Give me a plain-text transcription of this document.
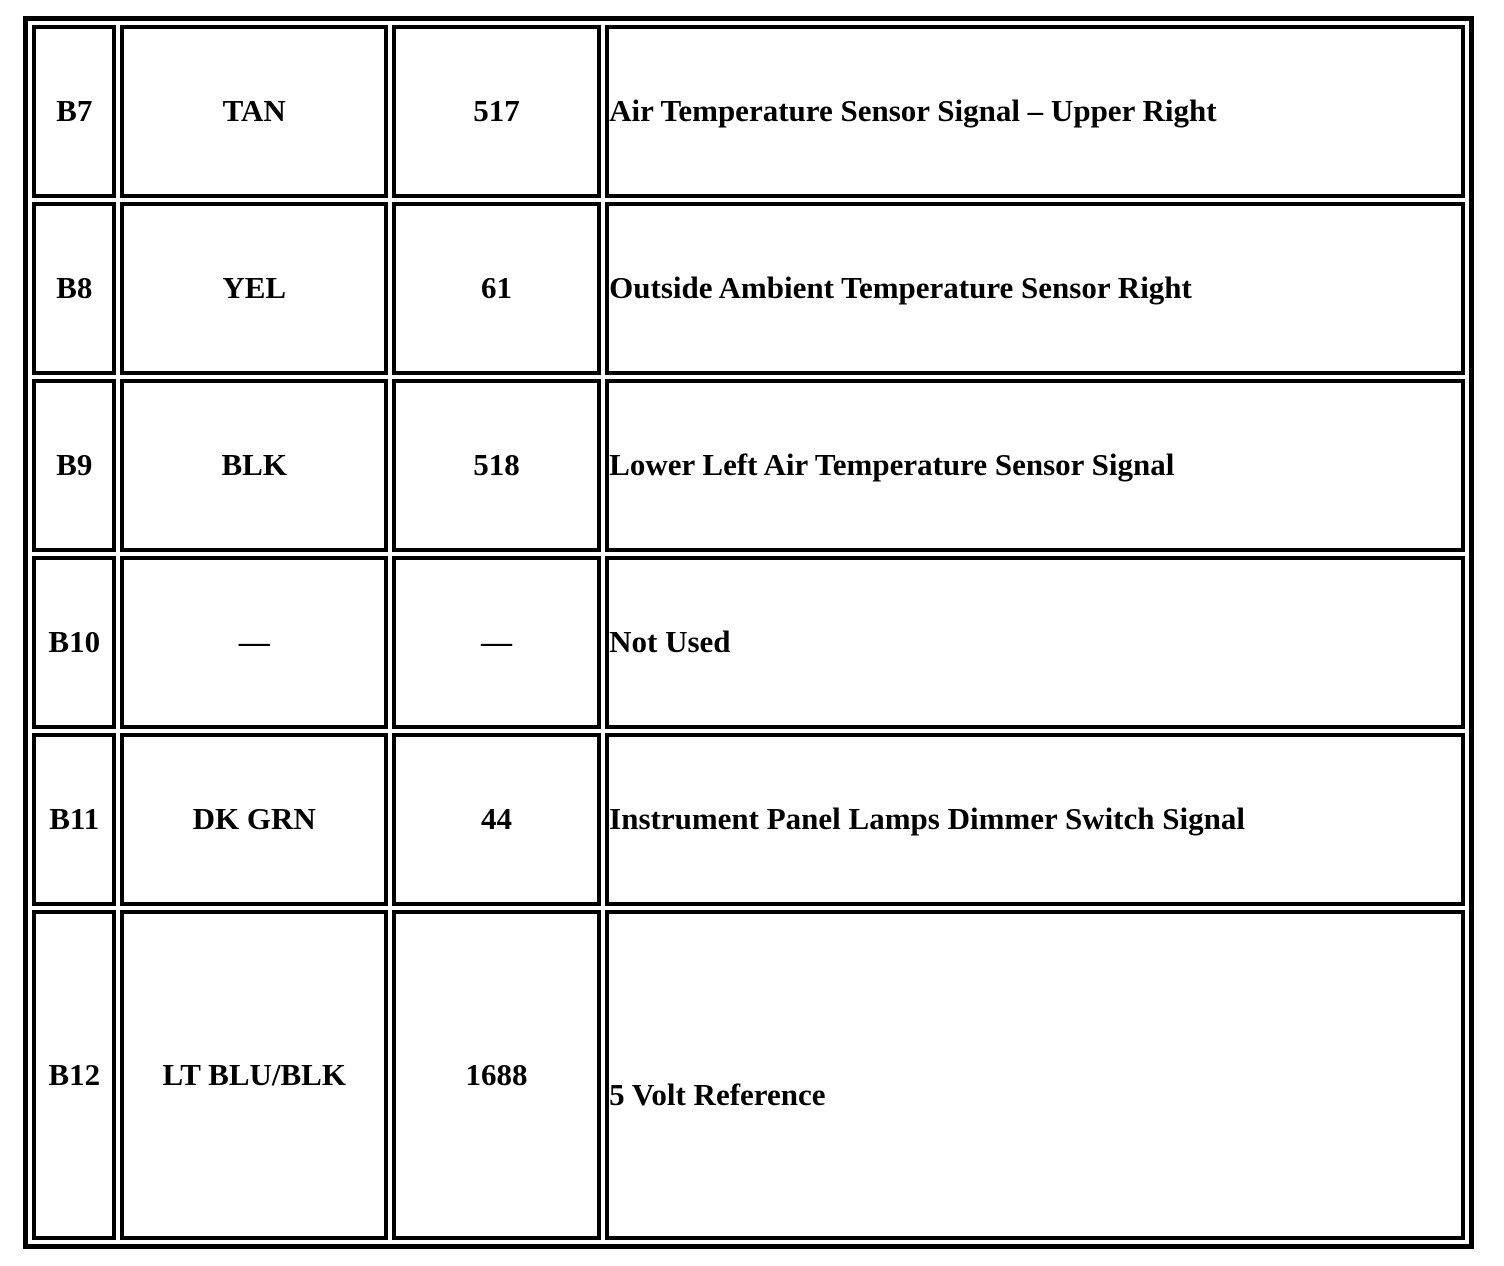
B7	TAN	517	Air Temperature Sensor Signal – Upper Right
B8	YEL	61	Outside Ambient Temperature Sensor Right
B9	BLK	518	Lower Left Air Temperature Sensor Signal
B10	—	—	Not Used
B11	DK GRN	44	Instrument Panel Lamps Dimmer Switch Signal
B12	LT BLU/BLK	1688	5 Volt Reference
